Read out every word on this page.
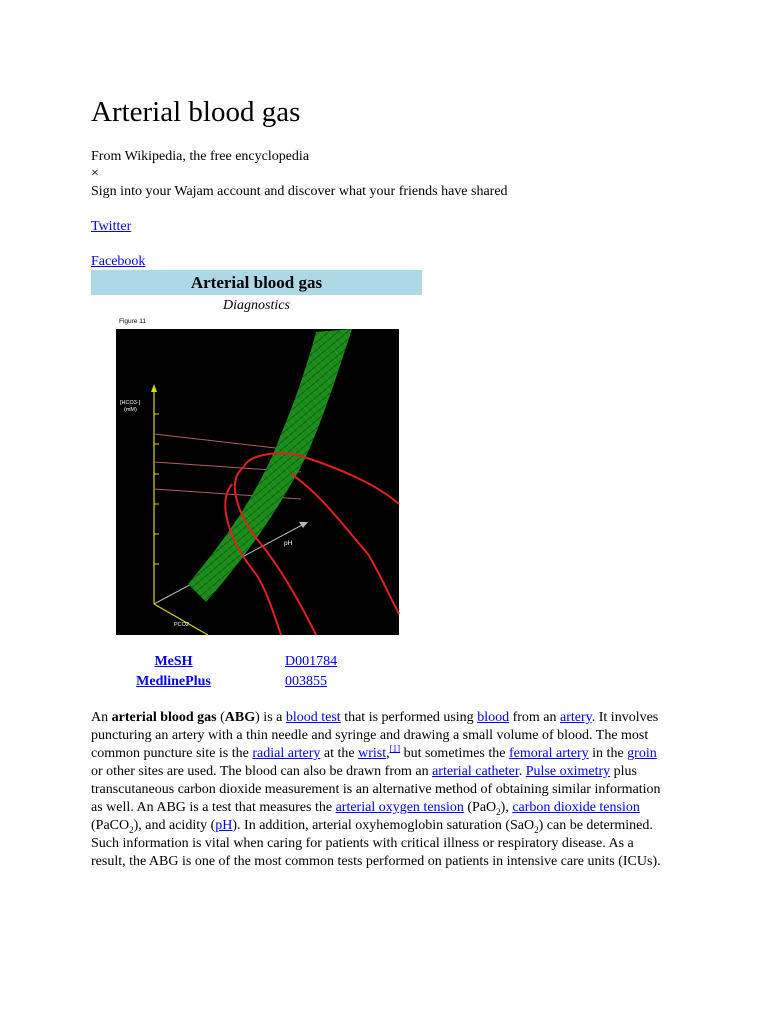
Arterial blood gas

From Wikipedia, the free encyclopedia

×

Sign into your Wajam account and discover what your friends have shared

Twitter

Facebook

Arterial blood gas
Diagnostics
Figure 11
[HCO3-]
(mM)
pH
PCO2
MeSH	D001784
MedlinePlus	003855

An arterial blood gas (ABG) is a blood test that is performed using blood from an artery. It involves puncturing an artery with a thin needle and syringe and drawing a small volume of blood. The most common puncture site is the radial artery at the wrist,[1] but sometimes the femoral artery in the groin or other sites are used. The blood can also be drawn from an arterial catheter. Pulse oximetry plus transcutaneous carbon dioxide measurement is an alternative method of obtaining similar information as well. An ABG is a test that measures the arterial oxygen tension (PaO$_2$), carbon dioxide tension (PaCO$_2$), and acidity (pH). In addition, arterial oxyhemoglobin saturation (SaO$_2$) can be determined. Such information is vital when caring for patients with critical illness or respiratory disease. As a result, the ABG is one of the most common tests performed on patients in intensive care units (ICUs).
